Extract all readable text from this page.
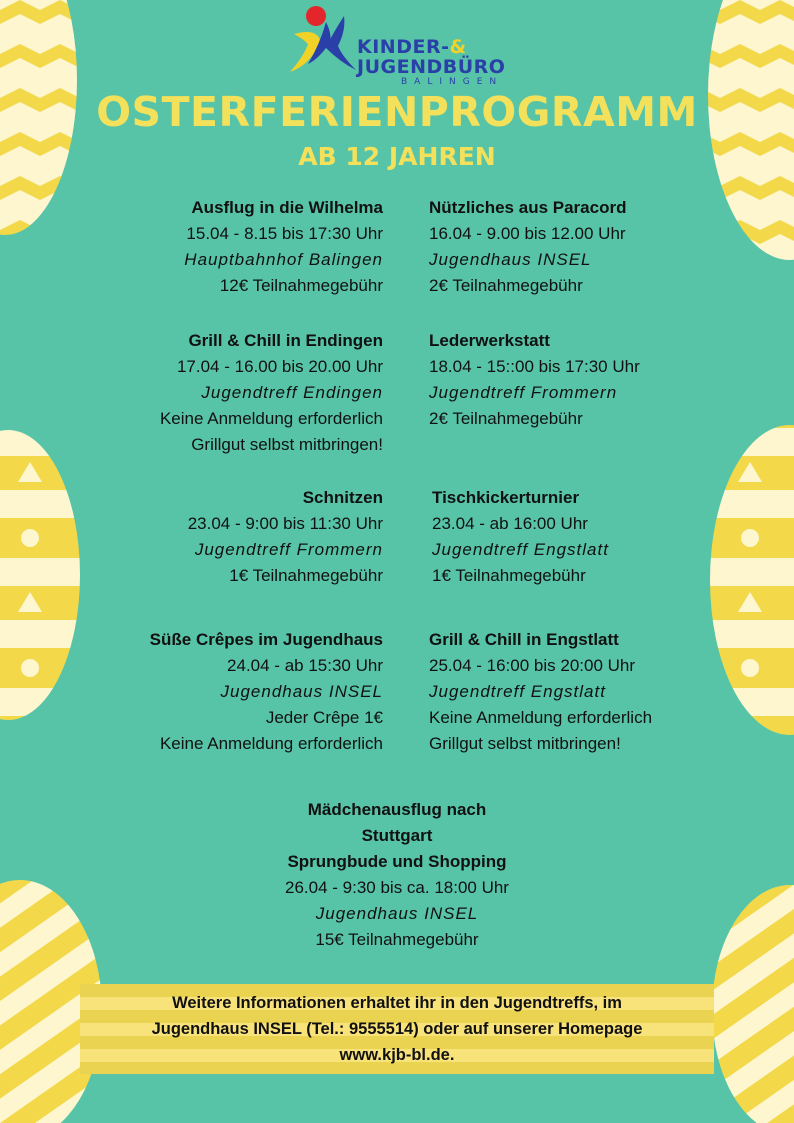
KINDER-&
JUGENDBÜRO
BALINGEN
OSTERFERIENPROGRAMM
AB 12 JAHREN
Ausflug in die Wilhelma
15.04 - 8.15 bis 17:30 Uhr
Hauptbahnhof Balingen
12€ Teilnahmegebühr
Nützliches aus Paracord
16.04 - 9.00 bis 12.00 Uhr
Jugendhaus INSEL
2€ Teilnahmegebühr
Grill & Chill in Endingen
17.04 - 16.00 bis 20.00 Uhr
Jugendtreff Endingen
Keine Anmeldung erforderlich
Grillgut selbst mitbringen!
Lederwerkstatt
18.04 - 15::00 bis 17:30 Uhr
Jugendtreff Frommern
2€ Teilnahmegebühr
Schnitzen
23.04 - 9:00 bis 11:30 Uhr
Jugendtreff Frommern
1€ Teilnahmegebühr
Tischkickerturnier
23.04 - ab 16:00 Uhr
Jugendtreff Engstlatt
1€ Teilnahmegebühr
Süße Crêpes im Jugendhaus
24.04 - ab 15:30 Uhr
Jugendhaus INSEL
Jeder Crêpe 1€
Keine Anmeldung erforderlich
Grill & Chill in Engstlatt
25.04 - 16:00 bis 20:00 Uhr
Jugendtreff Engstlatt
Keine Anmeldung erforderlich
Grillgut selbst mitbringen!
Mädchenausflug nach
Stuttgart
Sprungbude und Shopping
26.04 - 9:30 bis ca. 18:00 Uhr
Jugendhaus INSEL
15€ Teilnahmegebühr
Weitere Informationen erhaltet ihr in den Jugendtreffs, im
Jugendhaus INSEL (Tel.: 9555514) oder auf unserer Homepage
www.kjb-bl.de.
